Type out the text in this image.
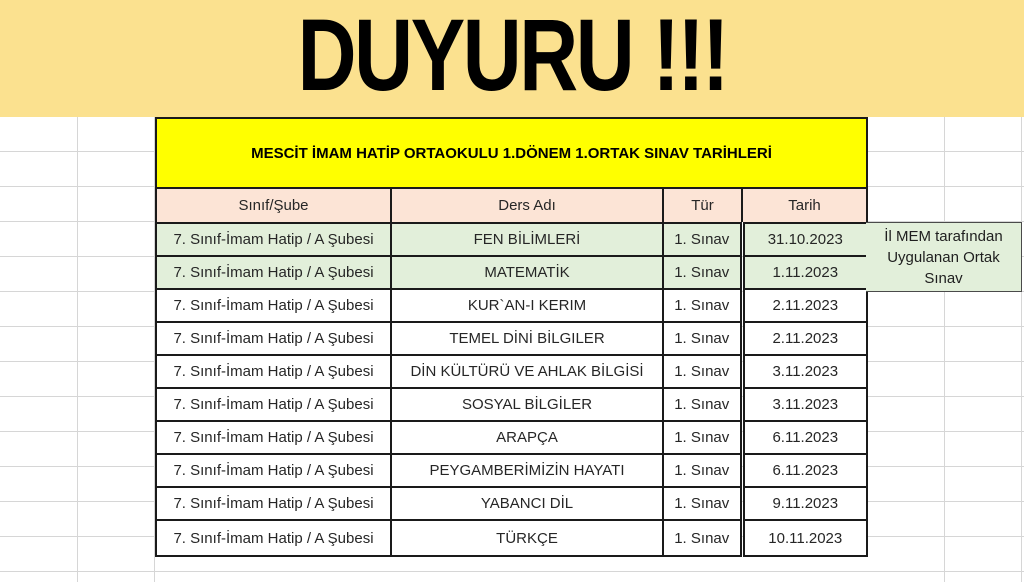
DUYURU !!!
MESCİT İMAM HATİP ORTAOKULU 1.DÖNEM 1.ORTAK SINAV TARİHLERİ			
Sınıf/Şube	Ders Adı	Tür	Tarih
7. Sınıf-İmam Hatip / A Şubesi	FEN BİLİMLERİ	1. Sınav	31.10.2023
7. Sınıf-İmam Hatip / A Şubesi	MATEMATİK	1. Sınav	1.11.2023
7. Sınıf-İmam Hatip / A Şubesi	KUR`AN-I KERIM	1. Sınav	2.11.2023
7. Sınıf-İmam Hatip / A Şubesi	TEMEL DİNİ BİLGILER	1. Sınav	2.11.2023
7. Sınıf-İmam Hatip / A Şubesi	DİN KÜLTÜRÜ VE AHLAK BİLGİSİ	1. Sınav	3.11.2023
7. Sınıf-İmam Hatip / A Şubesi	SOSYAL BİLGİLER	1. Sınav	3.11.2023
7. Sınıf-İmam Hatip / A Şubesi	ARAPÇA	1. Sınav	6.11.2023
7. Sınıf-İmam Hatip / A Şubesi	PEYGAMBERİMİZİN HAYATI	1. Sınav	6.11.2023
7. Sınıf-İmam Hatip / A Şubesi	YABANCI DİL	1. Sınav	9.11.2023
7. Sınıf-İmam Hatip / A Şubesi	TÜRKÇE	1. Sınav	10.11.2023
İl MEM tarafından
Uygulanan Ortak
Sınav
